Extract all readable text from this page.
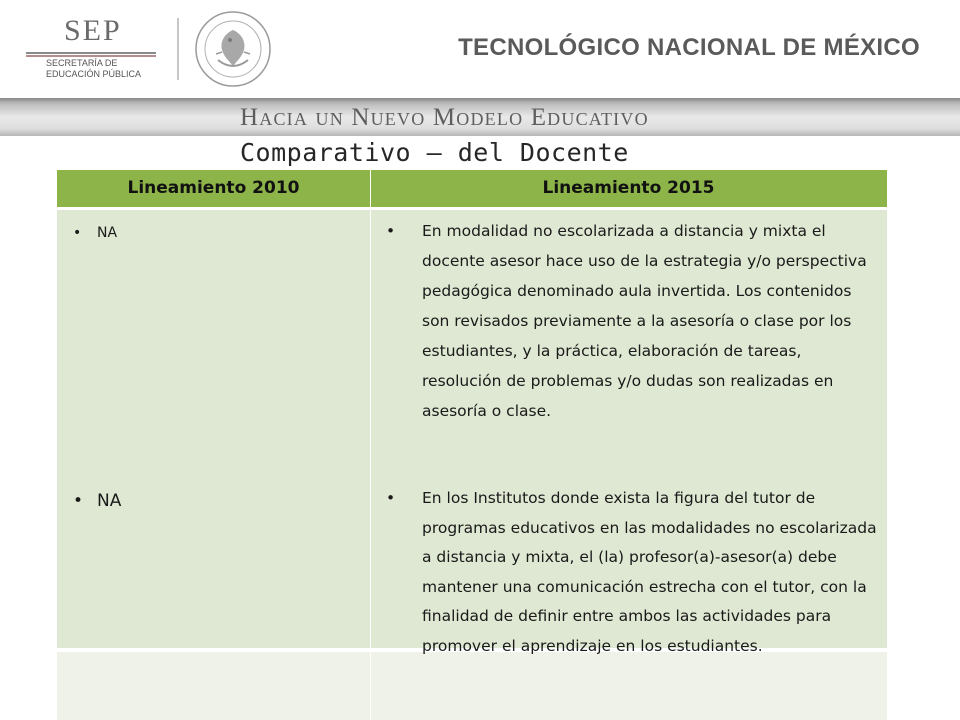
SEP
SECRETARÍA DE
EDUCACIÓN PÚBLICA
TECNOLÓGICO NACIONAL DE MÉXICO
Hacia un Nuevo Modelo Educativo
Comparativo – del Docente
Lineamiento 2010	Lineamiento 2015
• NA	• En modalidad no escolarizada a distancia y mixta el docente asesor hace uso de la estrategia y/o perspectiva pedagógica denominado aula invertida. Los contenidos son revisados previamente a la asesoría o clase por los estudiantes, y la práctica, elaboración de tareas, resolución de problemas y/o dudas son realizadas en asesoría o clase.
• NA	• En los Institutos donde exista la figura del tutor de programas educativos en las modalidades no escolarizada a distancia y mixta, el (la) profesor(a)-asesor(a) debe mantener una comunicación estrecha con el tutor, con la finalidad de definir entre ambos las actividades para promover el aprendizaje en los estudiantes.
